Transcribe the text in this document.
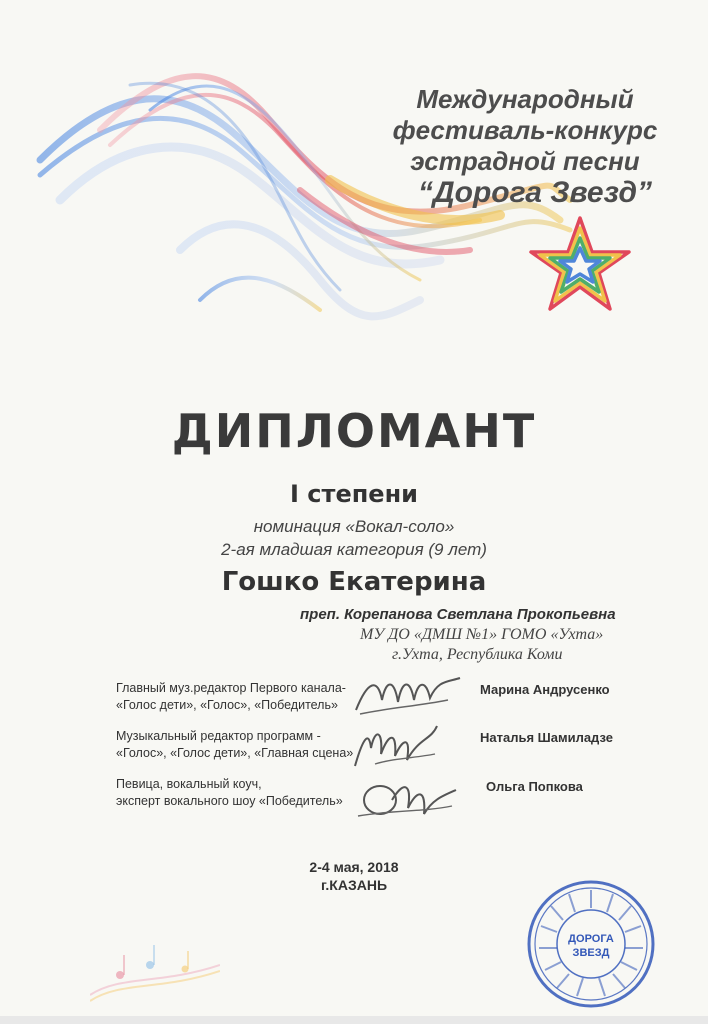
Международный
фестиваль-конкурс
эстрадной песни
“Дорога Звезд”
ДИПЛОМАНТ
I степени
номинация «Вокал-соло»
2-ая младшая категория (9 лет)
Гошко Екатерина
преп. Корепанова Светлана Прокопьевна
МУ ДО «ДМШ №1» ГОМО «Ухта»
г.Ухта, Республика Коми
Главный муз.редактор Первого канала-
«Голос дети», «Голос», «Победитель»
Марина Андрусенко
Музыкальный редактор программ -
«Голос», «Голос дети», «Главная сцена»
Наталья Шамиладзе
Певица, вокальный коуч,
эксперт вокального шоу «Победитель»
Ольга Попкова
2-4 мая, 2018
г.КАЗАНЬ
ДОРОГА
ЗВЕЗД
